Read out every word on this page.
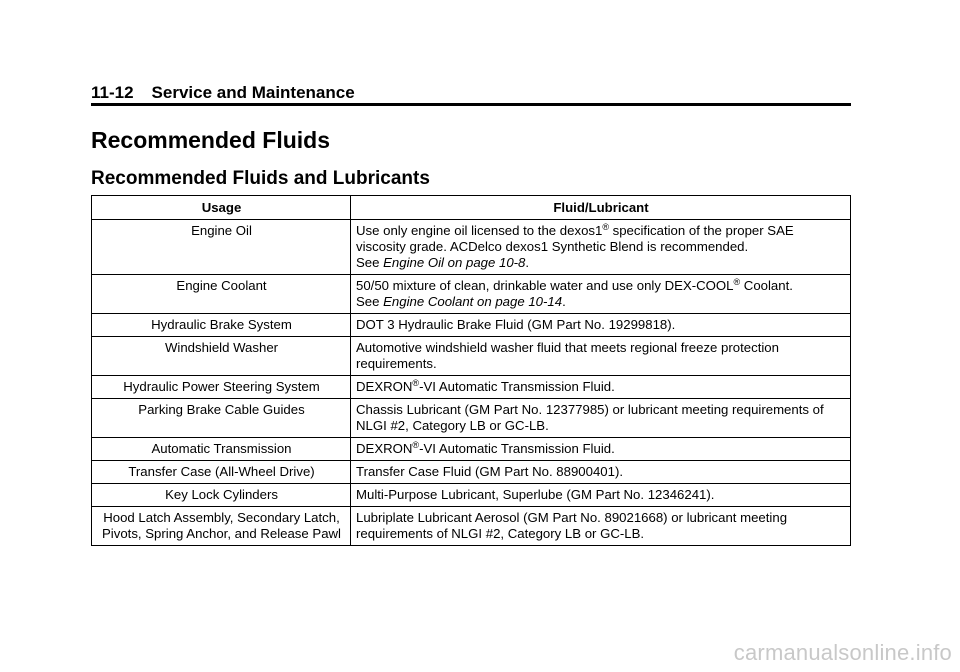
11-12 Service and Maintenance
Recommended Fluids
Recommended Fluids and Lubricants
Usage	Fluid/Lubricant
Engine Oil	Use only engine oil licensed to the dexos1® specification of the proper SAE viscosity grade. ACDelco dexos1 Synthetic Blend is recommended.
See Engine Oil on page 10-8.
Engine Coolant	50/50 mixture of clean, drinkable water and use only DEX-COOL® Coolant.
See Engine Coolant on page 10-14.
Hydraulic Brake System	DOT 3 Hydraulic Brake Fluid (GM Part No. 19299818).
Windshield Washer	Automotive windshield washer fluid that meets regional freeze protection requirements.
Hydraulic Power Steering System	DEXRON®-VI Automatic Transmission Fluid.
Parking Brake Cable Guides	Chassis Lubricant (GM Part No. 12377985) or lubricant meeting requirements of NLGI #2, Category LB or GC-LB.
Automatic Transmission	DEXRON®-VI Automatic Transmission Fluid.
Transfer Case (All-Wheel Drive)	Transfer Case Fluid (GM Part No. 88900401).
Key Lock Cylinders	Multi-Purpose Lubricant, Superlube (GM Part No. 12346241).
Hood Latch Assembly, Secondary Latch, Pivots, Spring Anchor, and Release Pawl	Lubriplate Lubricant Aerosol (GM Part No. 89021668) or lubricant meeting requirements of NLGI #2, Category LB or GC-LB.
carmanualsonline.info
